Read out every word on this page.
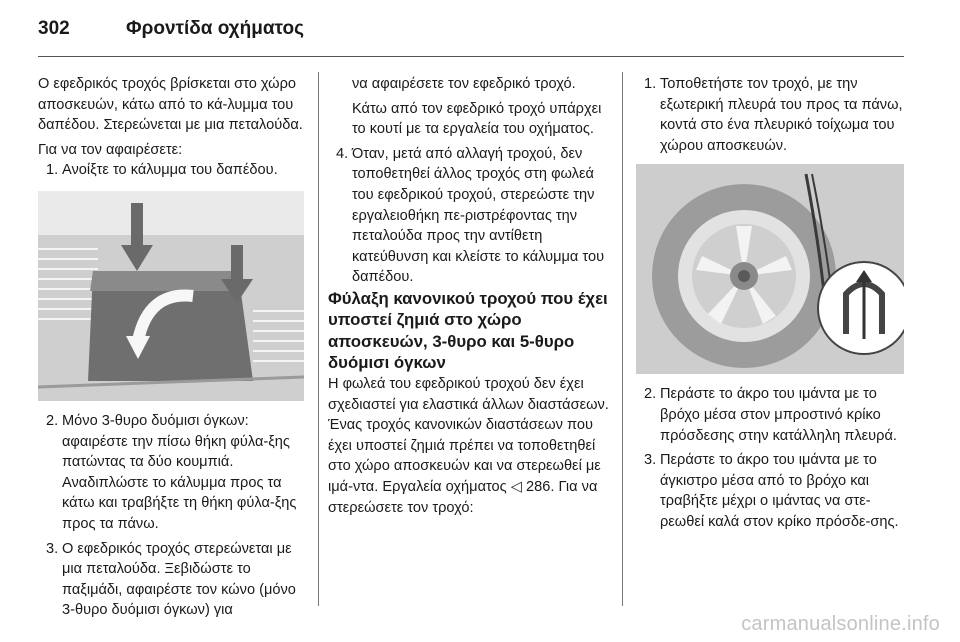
302	Φροντίδα οχήματος

Ο εφεδρικός τροχός βρίσκεται στο χώρο αποσκευών, κάτω από το κά-λυμμα του δαπέδου. Στερεώνεται με μια πεταλούδα.

Για να τον αφαιρέσετε:

1. Ανοίξτε το κάλυμμα του δαπέδου.
2. Μόνο 3-θυρο δυόμισι όγκων: αφαιρέστε την πίσω θήκη φύλα-ξης πατώντας τα δύο κουμπιά. Αναδιπλώστε το κάλυμμα προς τα κάτω και τραβήξτε τη θήκη φύλα-ξης προς τα πάνω.
3. Ο εφεδρικός τροχός στερεώνεται με μια πεταλούδα. Ξεβιδώστε το παξιμάδι, αφαιρέστε τον κώνο (μόνο 3-θυρο δυόμισι όγκων) για
να αφαιρέσετε τον εφεδρικό τροχό.
Κάτω από τον εφεδρικό τροχό υπάρχει το κουτί με τα εργαλεία του οχήματος.
4. Όταν, μετά από αλλαγή τροχού, δεν τοποθετηθεί άλλος τροχός στη φωλεά του εφεδρικού τροχού, στερεώστε την εργαλειοθήκη πε-ριστρέφοντας την πεταλούδα προς την αντίθετη κατεύθυνση και κλείστε το κάλυμμα του δαπέδου.

Φύλαξη κανονικού τροχού που έχει υποστεί ζημιά στο χώρο αποσκευών, 3-θυρο και 5-θυρο δυόμισι όγκων

Η φωλεά του εφεδρικού τροχού δεν έχει σχεδιαστεί για ελαστικά άλλων διαστάσεων. Ένας τροχός κανονικών διαστάσεων που έχει υποστεί ζημιά πρέπει να τοποθετηθεί στο χώρο αποσκευών και να στερεωθεί με ιμά-ντα. Εργαλεία οχήματος ◁ 286. Για να στερεώσετε τον τροχό:

1. Τοποθετήστε τον τροχό, με την εξωτερική πλευρά του προς τα πάνω, κοντά στο ένα πλευρικό τοίχωμα του χώρου αποσκευών.
2. Περάστε το άκρο του ιμάντα με το βρόχο μέσα στον μπροστινό κρίκο πρόσδεσης στην κατάλληλη πλευρά.
3. Περάστε το άκρο του ιμάντα με το άγκιστρο μέσα από το βρόχο και τραβήξτε μέχρι ο ιμάντας να στε-ρεωθεί καλά στον κρίκο πρόσδε-σης.
carmanualsonline.info
